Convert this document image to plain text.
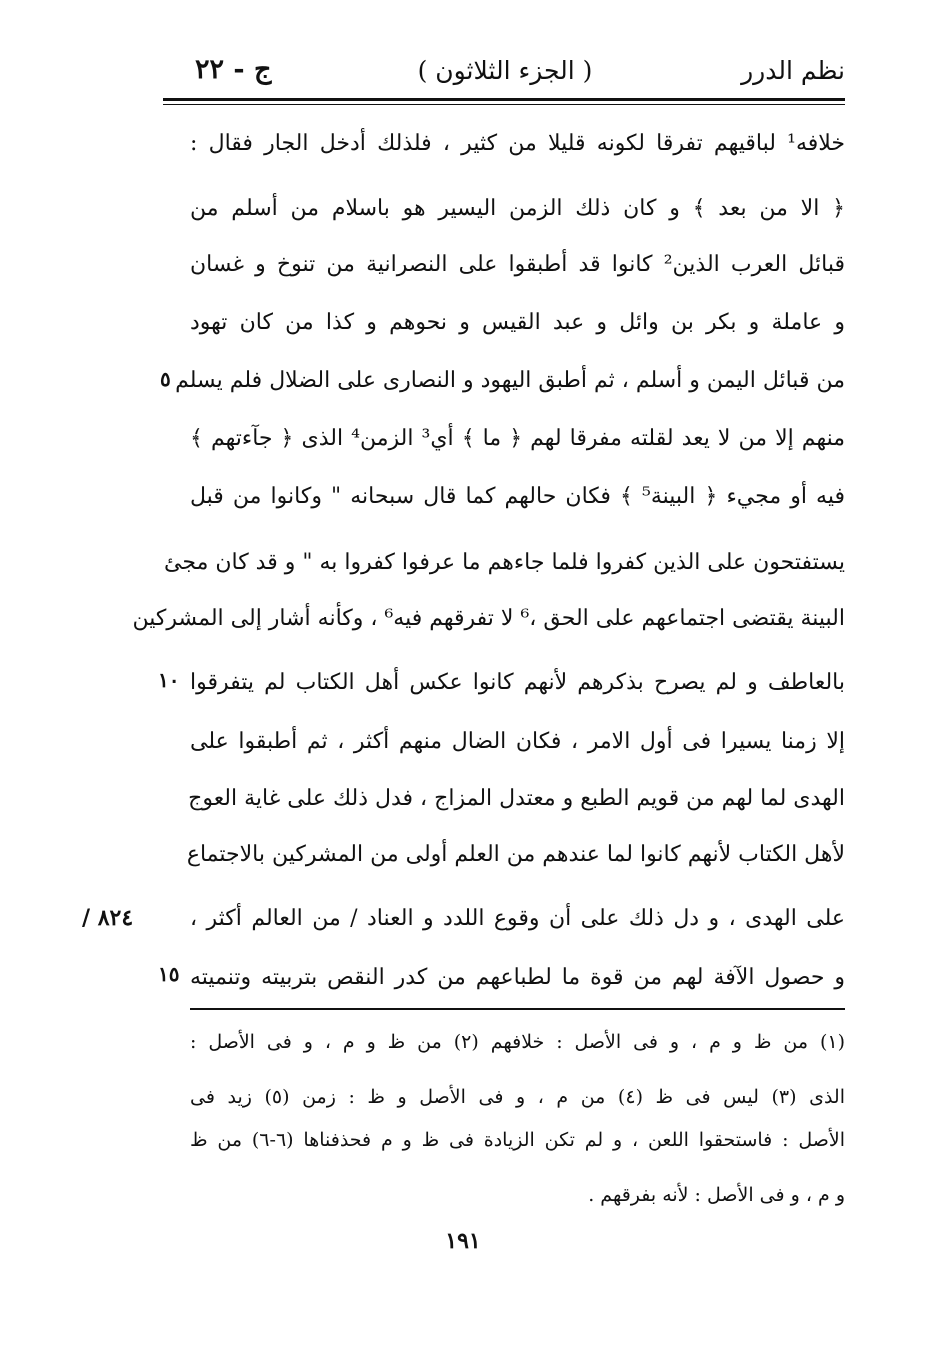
نظم الدرر
( الجزء الثلاثون )
ج - ٢٢
خلافه¹ لباقيهم تفرقا لكونه قليلا من كثير ، فلذلك أدخل الجار فقال :
﴿ الا من بعد ﴾ و كان ذلك الزمن اليسير هو باسلام من أسلم من
قبائل العرب الذين² كانوا قد أطبقوا على النصرانية من تنوخ و غسان
و عاملة و بكر بن وائل و عبد القيس و نحوهم و كذا من كان تهود
من قبائل اليمن و أسلم ، ثم أطبق اليهود و النصارى على الضلال فلم يسلم
منهم إلا من لا يعد لقلته مفرقا لهم ﴿ ما ﴾ أي³ الزمن⁴ الذى ﴿ جآءتهم ﴾
فيه أو مجيء ﴿ البينة⁵ ﴾ فكان حالهم كما قال سبحانه " وكانوا من قبل
يستفتحون على الذين كفروا فلما جاءهم ما عرفوا كفروا به " و قد كان مجئ
البينة يقتضى اجتماعهم على الحق ،⁶ لا تفرقهم فيه⁶ ، وكأنه أشار إلى المشركين
بالعاطف و لم يصرح بذكرهم لأنهم كانوا عكس أهل الكتاب لم يتفرقوا
إلا زمنا يسيرا فى أول الامر ، فكان الضال منهم أكثر ، ثم أطبقوا على
الهدى لما لهم من قويم الطبع و معتدل المزاج ، فدل ذلك على غاية العوج
لأهل الكتاب لأنهم كانوا لما عندهم من العلم أولى من المشركين بالاجتماع
على الهدى ، و دل ذلك على أن وقوع اللدد و العناد / من العالم أكثر ،
و حصول الآفة لهم من قوة ما لطباعهم من كدر النقص بتربيته وتنميته
٥
١٠
١٥
٨٢٤ /
(١) من ظ و م ، و فى الأصل : خلافهم (٢) من ظ و م ، و فى الأصل :
الذى (٣) ليس فى ظ (٤) من م ، و فى الأصل و ظ : زمن (٥) زيد فى
الأصل : فاستحقوا اللعن ، و لم تكن الزيادة فى ظ و م فحذفناها (٦-٦) من ظ
و م ، و فى الأصل : لأنه بفرقهم .
١٩١
